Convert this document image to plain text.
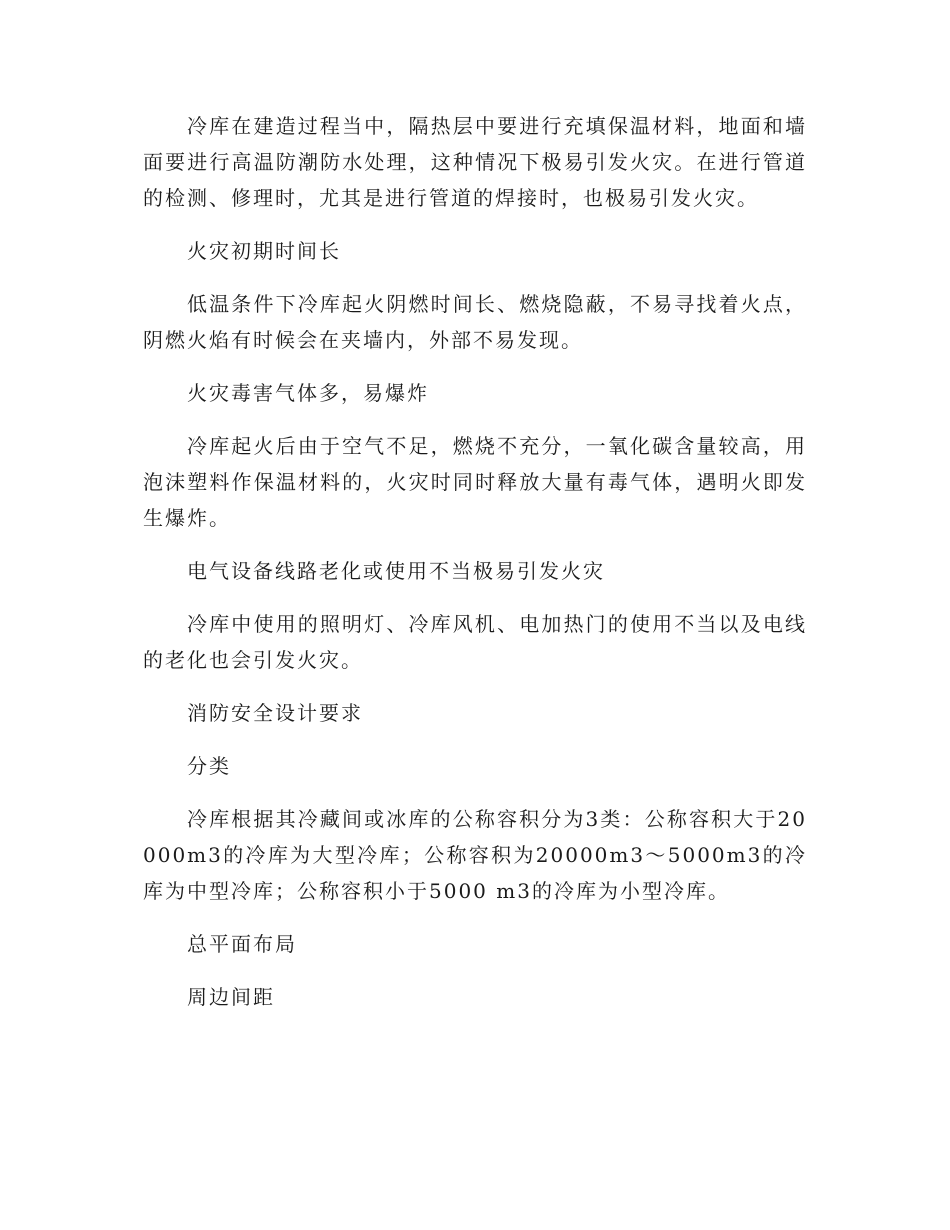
冷库在建造过程当中，隔热层中要进行充填保温材料，地面和墙面要进行高温防潮防水处理，这种情况下极易引发火灾。在进行管道的检测、修理时，尤其是进行管道的焊接时，也极易引发火灾。

火灾初期时间长

低温条件下冷库起火阴燃时间长、燃烧隐蔽，不易寻找着火点，阴燃火焰有时候会在夹墙内，外部不易发现。

火灾毒害气体多，易爆炸

冷库起火后由于空气不足，燃烧不充分，一氧化碳含量较高，用泡沫塑料作保温材料的，火灾时同时释放大量有毒气体，遇明火即发生爆炸。

电气设备线路老化或使用不当极易引发火灾

冷库中使用的照明灯、冷库风机、电加热门的使用不当以及电线的老化也会引发火灾。

消防安全设计要求

分类

冷库根据其冷藏间或冰库的公称容积分为3类：公称容积大于20000m3的冷库为大型冷库；公称容积为20000m3～5000m3的冷库为中型冷库；公称容积小于5000 m3的冷库为小型冷库。

总平面布局

周边间距
